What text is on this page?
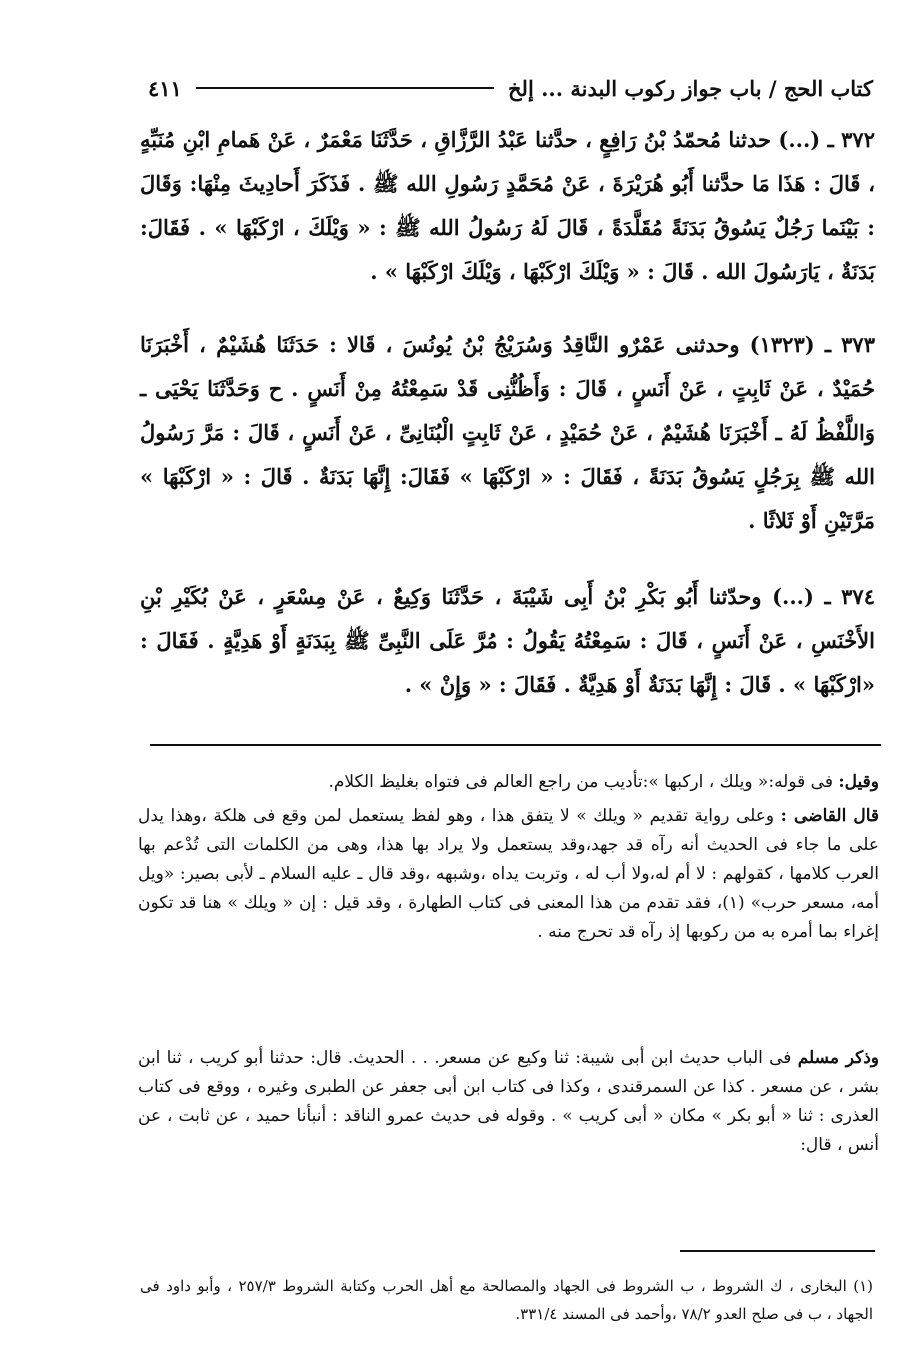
كتاب الحج / باب جواز ركوب البدنة ... إلخ
٤١١
٣٧٢ ـ (...) حدثنا مُحمّدُ بْنُ رَافِعٍ ، حدَّثنا عَبْدُ الرَّزَّاقِ ، حَدَّثَنَا مَعْمَرٌ ، عَنْ هَمامِ ابْنِ مُنَبِّهٍ ، قَالَ : هَذَا مَا حدَّثنا أَبُو هُرَيْرَةَ ، عَنْ مُحَمَّدٍ رَسُولِ الله ﷺ . فَذَكَرَ أَحادِيثَ مِنْهَا: وَقَالَ : بَيْنَما رَجُلٌ يَسُوقُ بَدَنَةً مُقَلَّدَةً ، قَالَ لَهُ رَسُولُ الله ﷺ : « وَيْلَكَ ، ارْكَبْهَا » . فَقَالَ: بَدَنَةٌ ، يَارَسُولَ الله . قَالَ : « وَيْلَكَ ارْكَبْهَا ، وَيْلَكَ ارْكَبْهَا » .
٣٧٣ ـ (١٣٢٣) وحدثنى عَمْرٌو النَّاقِدُ وَسُرَيْجُ بْنُ يُونُسَ ، قَالا : حَدَثَنَا هُشَيْمٌ ، أَخْبَرَنَا حُمَيْدٌ ، عَنْ ثَابِتٍ ، عَنْ أَنَسٍ ، قَالَ : وَأَظُنُّنِى قَدْ سَمِعْتُهُ مِنْ أَنَسٍ . ح وَحَدَّثَنَا يَحْيَى ـ وَاللَّفْظُ لَهُ ـ أَخْبَرَنَا هُشَيْمٌ ، عَنْ حُمَيْدٍ ، عَنْ ثَابِتٍ الْبُنَانِىِّ ، عَنْ أَنَسٍ ، قَالَ : مَرَّ رَسُولُ الله ﷺ بِرَجُلٍ يَسُوقُ بَدَنَةً ، فَقَالَ : « ارْكَبْهَا » فَقَالَ: إِنَّهَا بَدَنَةٌ . قَالَ : « ارْكَبْهَا » مَرَّتَيْنِ أَوْ ثَلاثًا .
٣٧٤ ـ (...) وحدّثنا أَبُو بَكْرِ بْنُ أَبِى شَيْبَةَ ، حَدَّثَنَا وَكِيعٌ ، عَنْ مِسْعَرٍ ، عَنْ بُكَيْرِ بْنِ الأَخْنَسِ ، عَنْ أَنَسٍ ، قَالَ : سَمِعْتُهُ يَقُولُ : مُرَّ عَلَى النَّبِىِّ ﷺ بِبَدَنَةٍ أَوْ هَدِيَّةٍ . فَقَالَ : «ارْكَبْهَا » . قَالَ : إِنَّهَا بَدَنَةٌ أَوْ هَدِيَّةٌ . فَقَالَ : « وَإِنْ » .
وقيل: فى قوله:« ويلك ، اركبها »:تأديب من راجع العالم فى فتواه بغليظ الكلام.
قال القاضى : وعلى رواية تقديم « ويلك » لا يتفق هذا ، وهو لفظ يستعمل لمن وقع فى هلكة ،وهذا يدل على ما جاء فى الحديث أنه رآه قد جهد،وقد يستعمل ولا يراد بها هذا، وهى من الكلمات التى تُدْعم بها العرب كلامها ، كقولهم : لا أم له،ولا أب له ، وتربت يداه ،وشبهه ،وقد قال ـ عليه السلام ـ لأبى بصير: «ويل أمه، مسعر حرب» (١)، فقد تقدم من هذا المعنى فى كتاب الطهارة ، وقد قيل : إن « ويلك » هنا قد تكون إغراء بما أمره به من ركوبها إذ رآه قد تحرج منه .
وذكر مسلم فى الباب حديث ابن أبى شيبة: ثنا وكيع عن مسعر. . . الحديث. قال: حدثنا أبو كريب ، ثنا ابن بشر ، عن مسعر . كذا عن السمرقندى ، وكذا فى كتاب ابن أبى جعفر عن الطبرى وغيره ، ووقع فى كتاب العذرى : ثنا « أبو بكر » مكان « أبى كريب » . وقوله فى حديث عمرو الناقد : أنبأنا حميد ، عن ثابت ، عن أنس ، قال:
(١) البخارى ، ك الشروط ، ب الشروط فى الجهاد والمصالحة مع أهل الحرب وكتابة الشروط ٢٥٧/٣ ، وأبو داود فى الجهاد ، ب فى صلح العدو ٧٨/٢ ،وأحمد فى المسند ٣٣١/٤.
